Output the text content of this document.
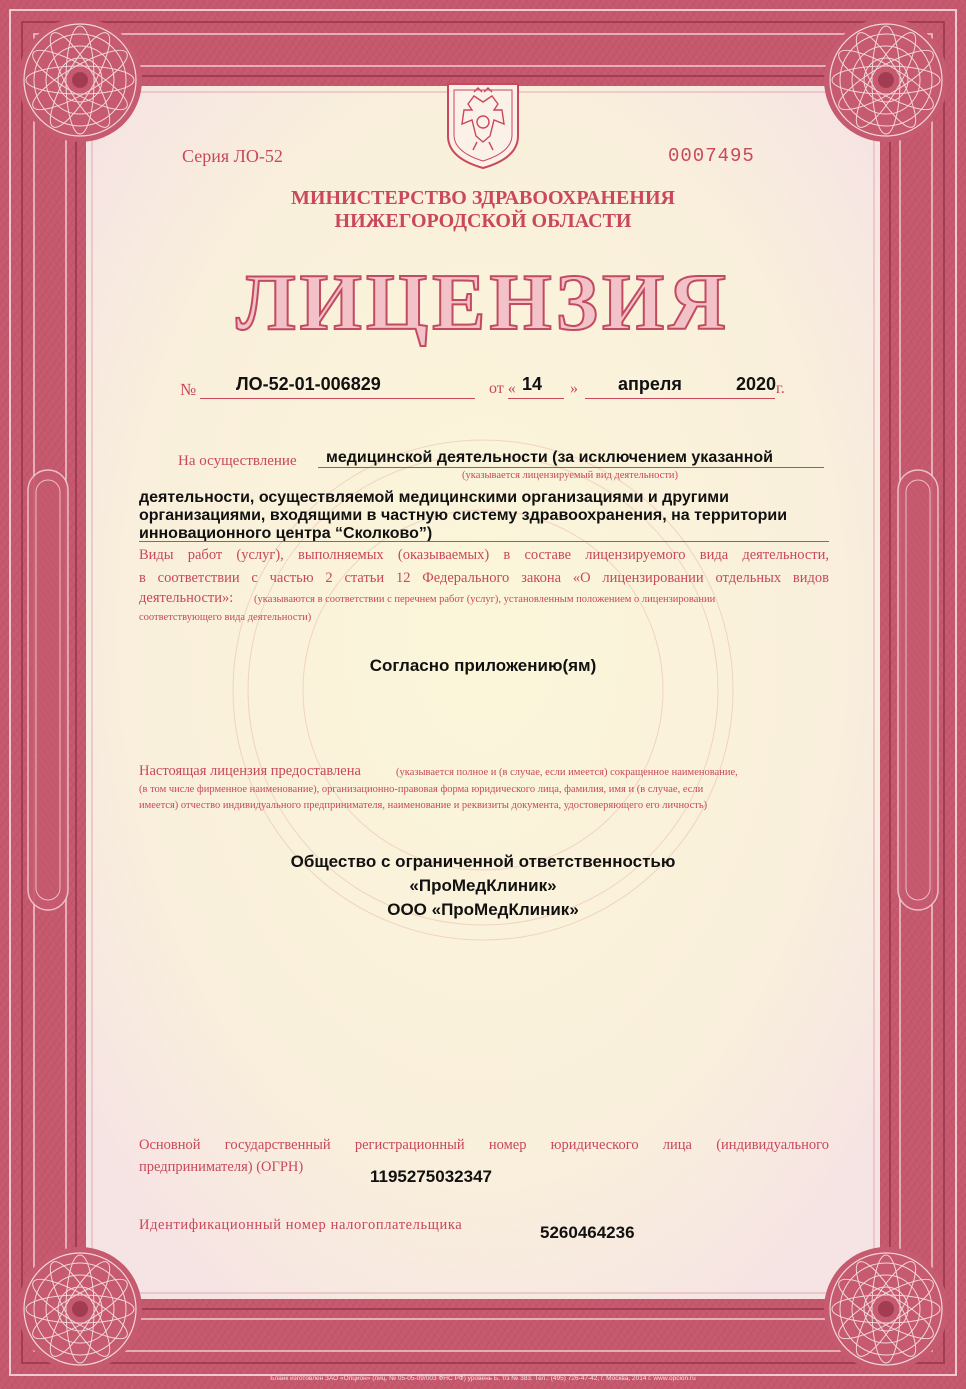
Серия ЛО-52	0007495
МИНИСТЕРСТВО ЗДРАВООХРАНЕНИЯ
НИЖЕГОРОДСКОЙ ОБЛАСТИ
ЛИЦЕНЗИЯ
№ ЛО-52-01-006829	от « 14 » апреля	2020 г.
На осуществление медицинской деятельности (за исключением указанной
(указывается лицензируемый вид деятельности)
деятельности, осуществляемой медицинскими организациями и другими
организациями, входящими в частную систему здравоохранения, на территории
инновационного центра “Сколково”)
Виды работ (услуг), выполняемых (оказываемых) в составе лицензируемого вида деятельности,
в соответствии с частью 2 статьи 12 Федерального закона «О лицензировании отдельных видов
деятельности»: (указываются в соответствии с перечнем работ (услуг), установленным положением о лицензировании
соответствующего вида деятельности)
Согласно приложению(ям)
Настоящая лицензия предоставлена	(указывается полное и (в случае, если имеется) сокращенное наименование,
(в том числе фирменное наименование), организационно-правовая форма юридического лица, фамилия, имя и (в случае, если
имеется) отчество индивидуального предпринимателя, наименование и реквизиты документа, удостоверяющего его личность)
Общество с ограниченной ответственностью
«ПроМедКлиник»
ООО «ПроМедКлиник»
Основной государственный регистрационный номер юридического лица (индивидуального
предпринимателя) (ОГРН)	1195275032347
Идентификационный номер налогоплательщика	5260464236
Бланк изготовлен ЗАО «Опцион» (лиц. № 05-05-09/003 ФНС РФ) уровень Б, т/з № 383. Тел.: (495) 726-47-42, г. Москва, 2014 г. www.opcion.ru
